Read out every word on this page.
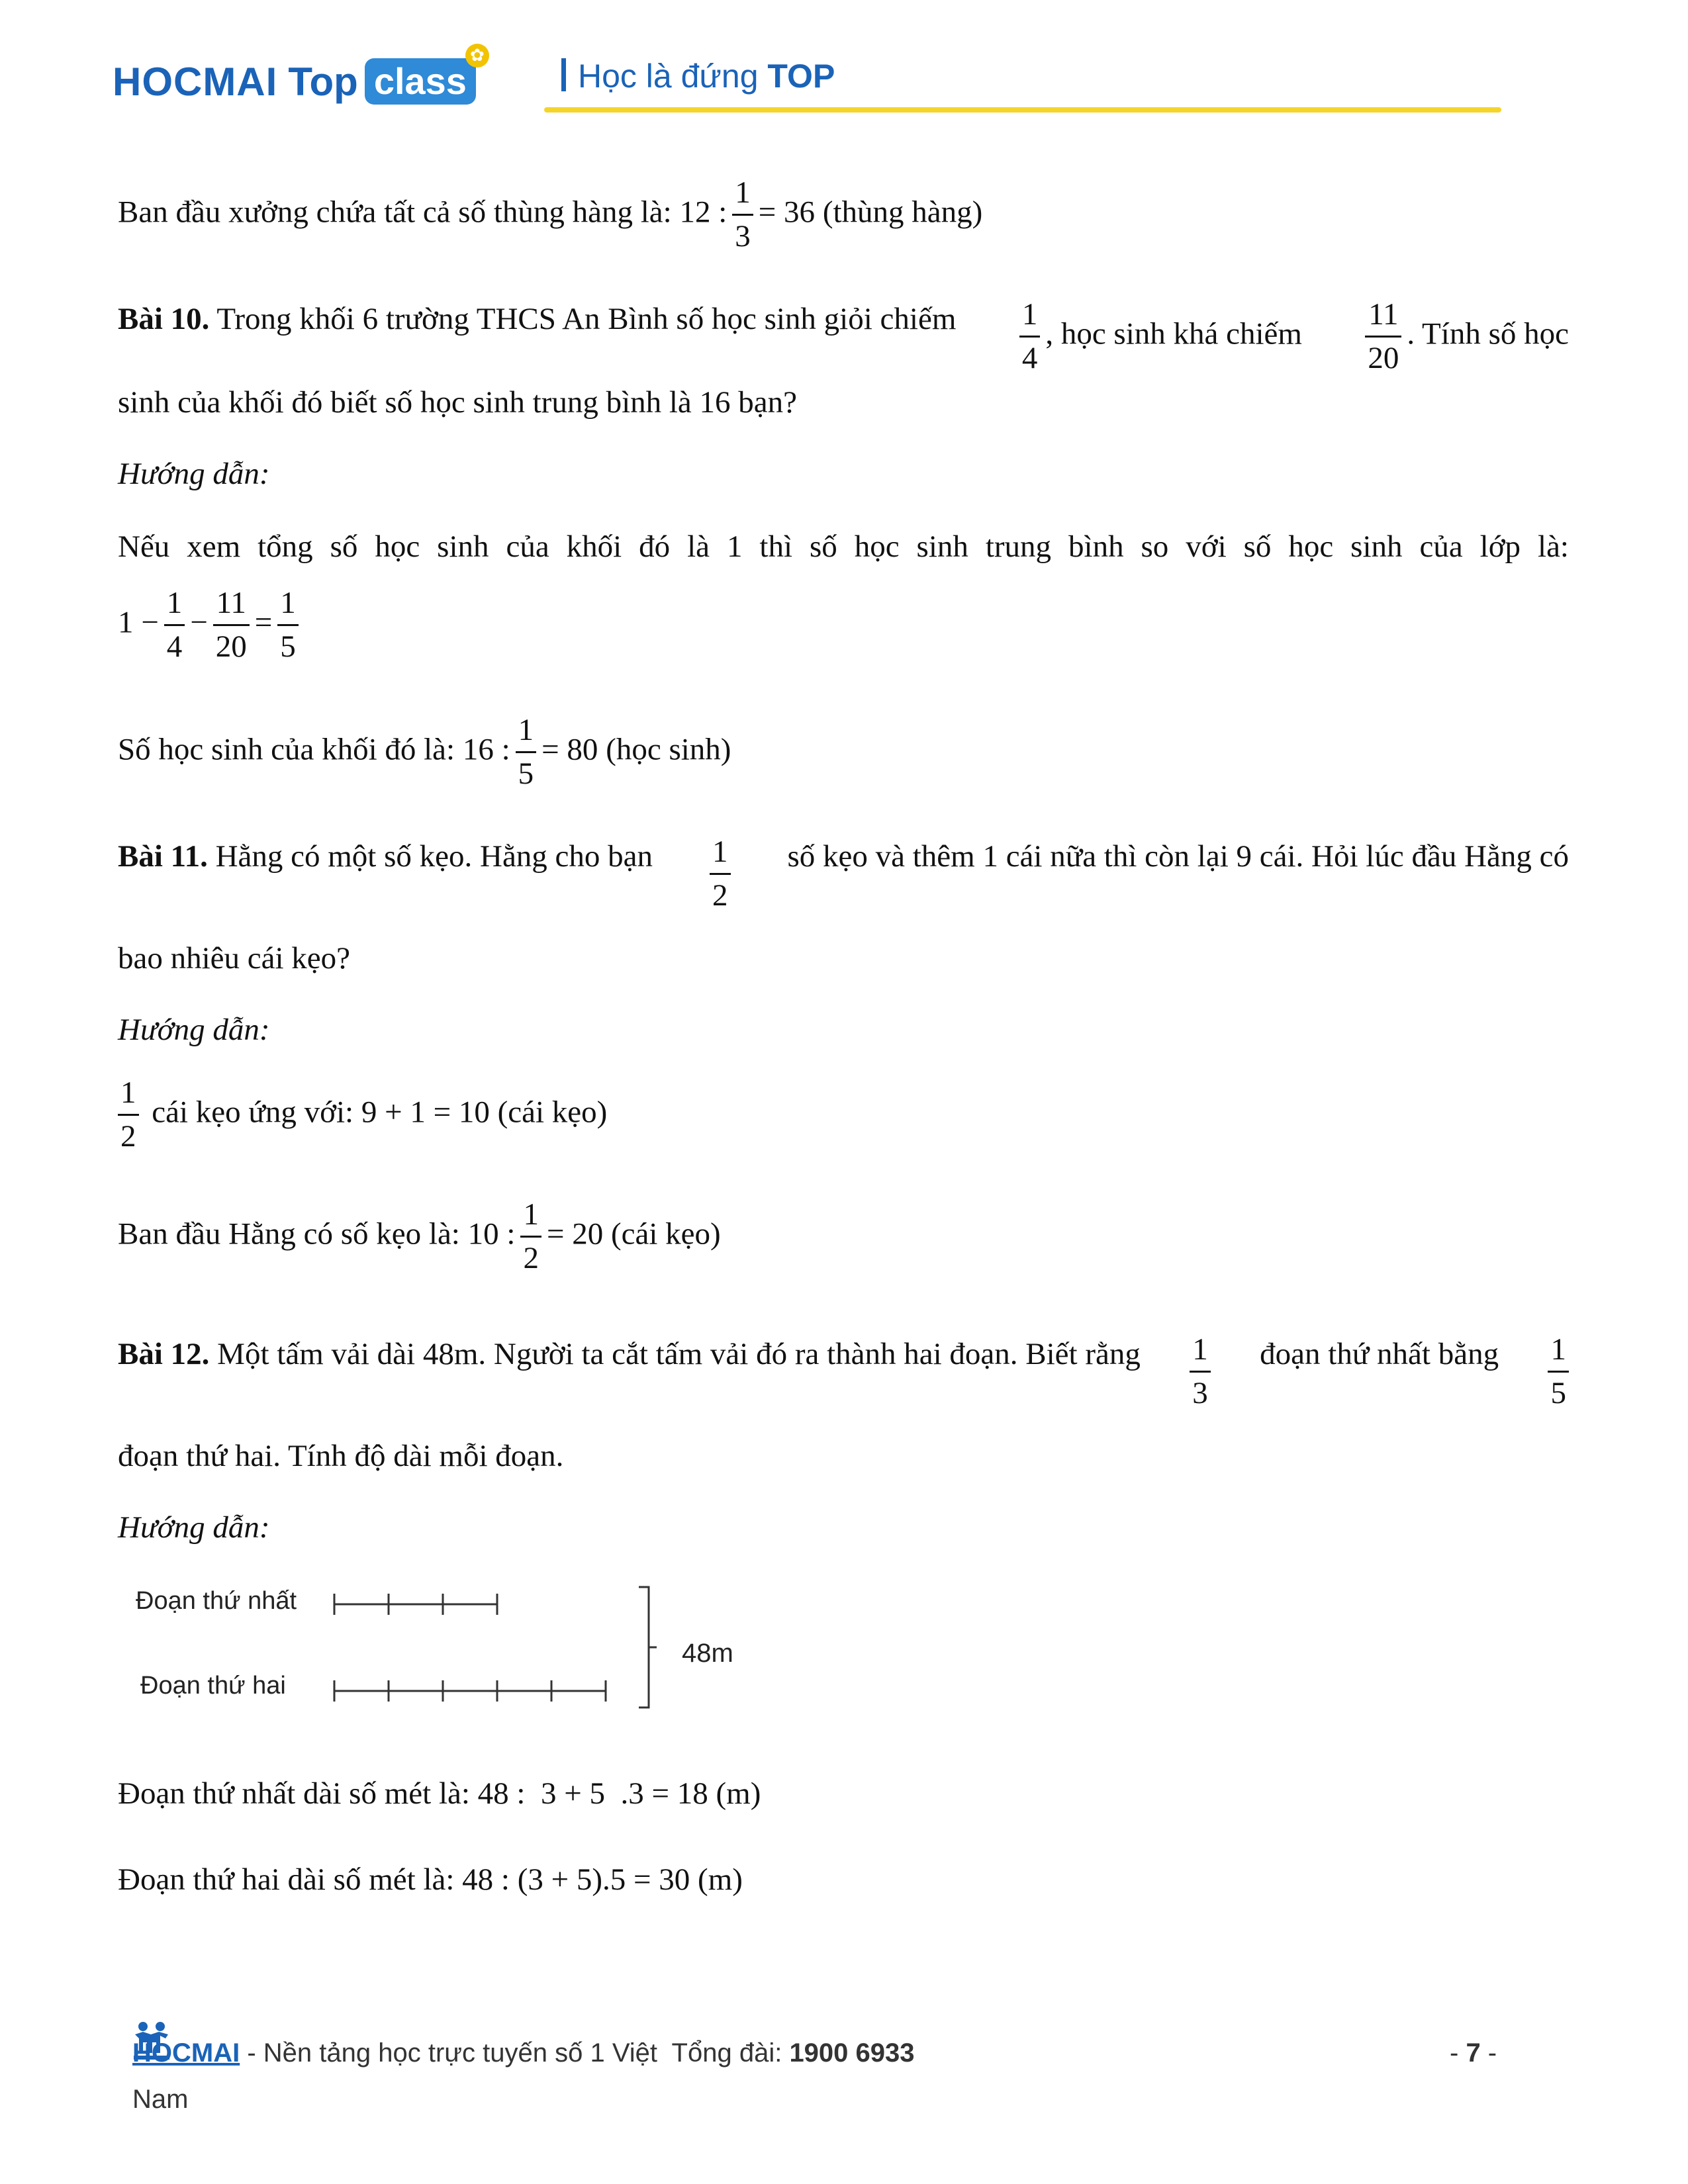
HOCMAI Top class
✿
Học là đứng TOP
Ban đầu xưởng chứa tất cả số thùng hàng là: 12 : $\frac{1}{3} = 36$ (thùng hàng)
Bài 10. Trong khối 6 trường THCS An Bình số học sinh giỏi chiếm $\frac{1}{4}$ , học sinh khá chiếm $\frac{11}{20}$ . Tính số học
sinh của khối đó biết số học sinh trung bình là 16 bạn?
Hướng dẫn:
Nếu xem tổng số học sinh của khối đó là 1 thì số học sinh trung bình so với số học sinh của lớp là:
$1 - \frac{1}{4} - \frac{11}{20} = \frac{1}{5}$
Số học sinh của khối đó là: 16 : $\frac{1}{5} = 80$ (học sinh)
Bài 11. Hằng có một số kẹo. Hằng cho bạn $\frac{1}{2}$ số kẹo và thêm 1 cái nữa thì còn lại 9 cái. Hỏi lúc đầu Hằng có
bao nhiêu cái kẹo?
Hướng dẫn:
$\frac{1}{2}$ cái kẹo ứng với: 9 + 1 = 10 (cái kẹo)
Ban đầu Hằng có số kẹo là: 10 : $\frac{1}{2} = 20$ (cái kẹo)
Bài 12. Một tấm vải dài 48m. Người ta cắt tấm vải đó ra thành hai đoạn. Biết rằng $\frac{1}{3}$ đoạn thứ nhất bằng $\frac{1}{5}$
đoạn thứ hai. Tính độ dài mỗi đoạn.
Hướng dẫn:
Đoạn thứ nhất
Đoạn thứ hai
48m
Đoạn thứ nhất dài số mét là: 48 :  3 + 5  .3 = 18 (m)
Đoạn thứ hai dài số mét là: 48 : (3 + 5).5 = 30 (m)
HOCMAI - Nền tảng học trực tuyến số 1 Việt  Tổng đài: 1900 6933
Nam
- 7 -
